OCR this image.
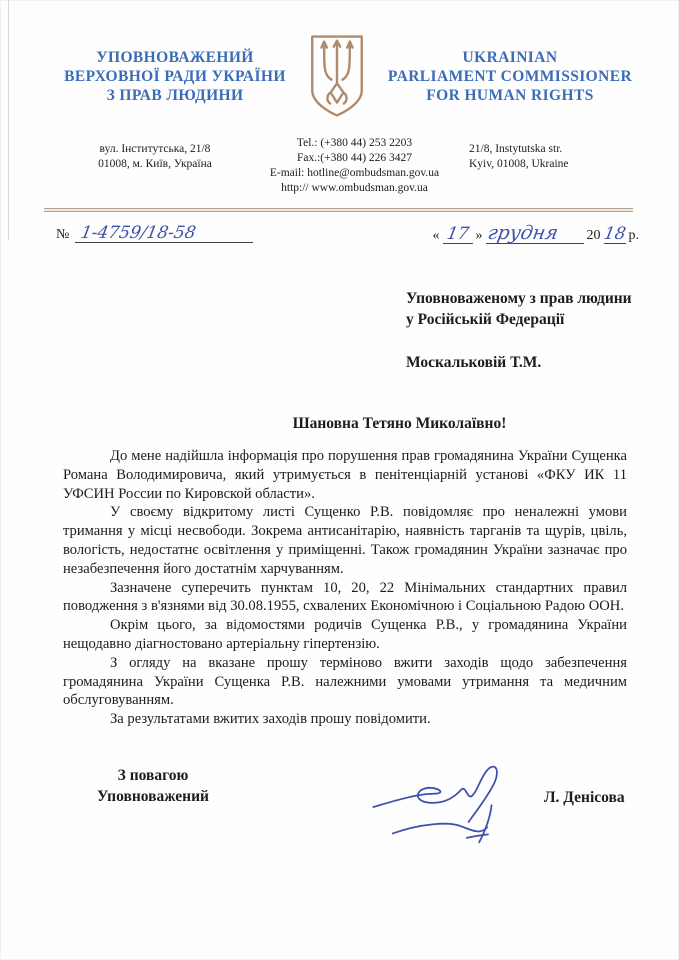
УПОВНОВАЖЕНИЙ
ВЕРХОВНОЇ РАДИ УКРАЇНИ
З ПРАВ ЛЮДИНИ
UKRAINIAN
PARLIAMENT COMMISSIONER
FOR HUMAN RIGHTS
вул. Інститутська, 21/8
01008, м. Київ, Україна
Tel.: (+380 44) 253 2203
Fax.:(+380 44) 226 3427
E-mail: hotline@ombudsman.gov.ua
http:// www.ombudsman.gov.ua
21/8, Instytutska str.
Kyiv, 01008, Ukraine
№ 1-4759/18-58	« 17 » грудня	20 18 р.
Уповноваженому з прав людини
у Російській Федерації
Москальковій Т.М.
Шановна Тетяно Миколаївно!

До мене надійшла інформація про порушення прав громадянина України Сущенка Романа Володимировича, який утримується в пенітенціарній установі «ФКУ ИК 11 УФСИН России по Кировской области».

У своєму відкритому листі Сущенко Р.В. повідомляє про неналежні умови тримання у місці несвободи. Зокрема антисанітарію, наявність тарганів та щурів, цвіль, вологість, недостатнє освітлення у приміщенні. Також громадянин України зазначає про незабезпечення його достатнім харчуванням.

Зазначене суперечить пунктам 10, 20, 22 Мінімальних стандартних правил поводження з в'язнями від 30.08.1955, схвалених Економічною і Соціальною Радою ООН.

Окрім цього, за відомостями родичів Сущенка Р.В., у громадянина України нещодавно діагностовано артеріальну гіпертензію.

З огляду на вказане прошу терміново вжити заходів щодо забезпечення громадянина України Сущенка Р.В. належними умовами утримання та медичним обслуговуванням.

За результатами вжитих заходів прошу повідомити.

З повагою
Уповноважений	Л. Денісова
